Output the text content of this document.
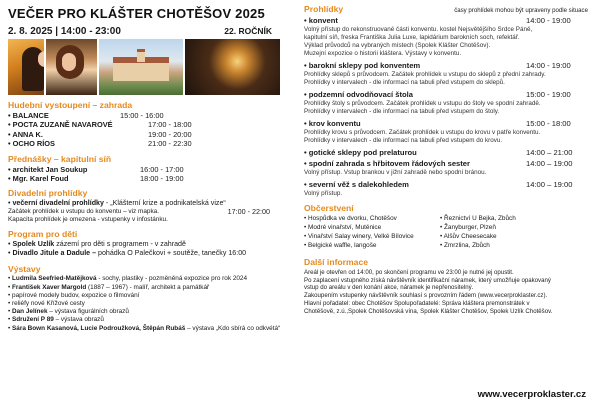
VEČER PRO KLÁŠTER CHOTĚŠOV 2025
2. 8. 2025 | 14:00 - 23:00	22. ROČNÍK
Hudební vystoupení – zahrada
• BALANCE	15:00 - 16:00
• POCTA ZUZANĚ NAVAROVÉ	17:00 - 18:00
• ANNA K.	19:00 - 20:00
• OCHO RÍOS	21:00 - 22:30
Přednášky – kapitulní síň
• architekt Jan Soukup	16:00 - 17:00
• Mgr. Karel Foud	18:00 - 19:00
Divadelní prohlídky
• večerní divadelní prohlídky - „Klášterní krize a podnikatelská vize“
Začátek prohlídek u vstupu do konventu – viz mapka.	17:00 - 22:00
Kapacita prohlídek je omezena - vstupenky v infostánku.
Program pro děti
• Spolek Uzlík zázemí pro děti s programem - v zahradě
• Divadlo Jitule a Dadule – pohádka O Palečkovi + soutěže, tanečky 16:00
Výstavy
• Ludmila Seefried-Matějková - sochy, plastiky - pozměněná expozice pro rok 2024
• František Xaver Margold (1887 – 1967) - malíř, architekt a památkář
• papírové modely budov, expozice o filmování
• reliéfy nové Křížové cesty
• Dan Jelínek – výstava figurálních obrazů
• Sdružení P 89 – výstava obrazů
• Sára Bown Kasanová, Lucie Podroužková, Štěpán Rubáš – výstava „Kdo sbírá co odkvétá“
Prohlídky	časy prohlídek mohou být upraveny podle situace
• konvent	14:00 - 19:00
Volný přístup do rekonstruované části konventu. kostel Nejsvětějšího Srdce Páně,
kapitulní síň, freska Františka Julia Luxe, lapidárium barokních soch, refektář.
Výklad průvodců na vybraných místech (Spolek Klášter Chotěšov).
Muzejní expozice o historii kláštera. Výstavy v konventu.
• barokní sklepy pod konventem	14:00 - 19:00
Prohlídky sklepů s průvodcem. Začátek prohlídek u vstupu do sklepů z přední zahrady.
Prohlídky v intervalech - dle informací na tabuli před vstupem do sklepů.
• podzemní odvodňovací štola	15:00 - 19:00
Prohlídky štoly s průvodcem. Začátek prohlídek u vstupu do štoly ve spodní zahradě.
Prohlídky v intervalech - dle informací na tabuli před vstupem do štoly.
• krov konventu	15:00 - 18:00
Prohlídky krovu s průvodcem. Začátek prohlídek u vstupu do krovu v patře konventu.
Prohlídky v intervalech - dle informací na tabuli před vstupem do krovu.
• gotické sklepy pod prelaturou	14:00 – 21:00
• spodní zahrada s hřbitovem řádových sester	14:00 – 19:00
Volný přístup. Vstup brankou v jižní zahradě nebo spodní bránou.
• severní věž s dalekohledem	14:00 – 19:00
Volný přístup.
Občerstvení
• Hospůdka ve dvorku, Chotěšov	• Řeznictví U Bejka, Zbůch
• Modré vinařství, Mutěnice	• Žanyburger, Plzeň
• Vinařství Salay winery, Velké Bílovice	• Alšův Cheesecake
• Belgické waffle, langoše	• Zmrzlina, Zbůch
Další informace
Areál je otevřen od 14:00, po skončení programu ve 23:00 je nutné jej opustit.
Po zaplacení vstupného získá návštěvník identifikační náramek, který umožňuje opakovaný
vstup do areálu v den konání akce, náramek je nepřenositelný.
Zakoupením vstupenky návštěvník souhlasí s provozním řádem (www.vecerproklaster.cz).
Hlavní pořadatel: obec Chotěšov Spolupořadatelé: Správa kláštera premonstrátek v
Chotěšově, z.ú.,Spolek Chotěšovská vína, Spolek Klášter Chotěšov, Spolek Uzlík Chotěšov.
www.vecerproklaster.cz
